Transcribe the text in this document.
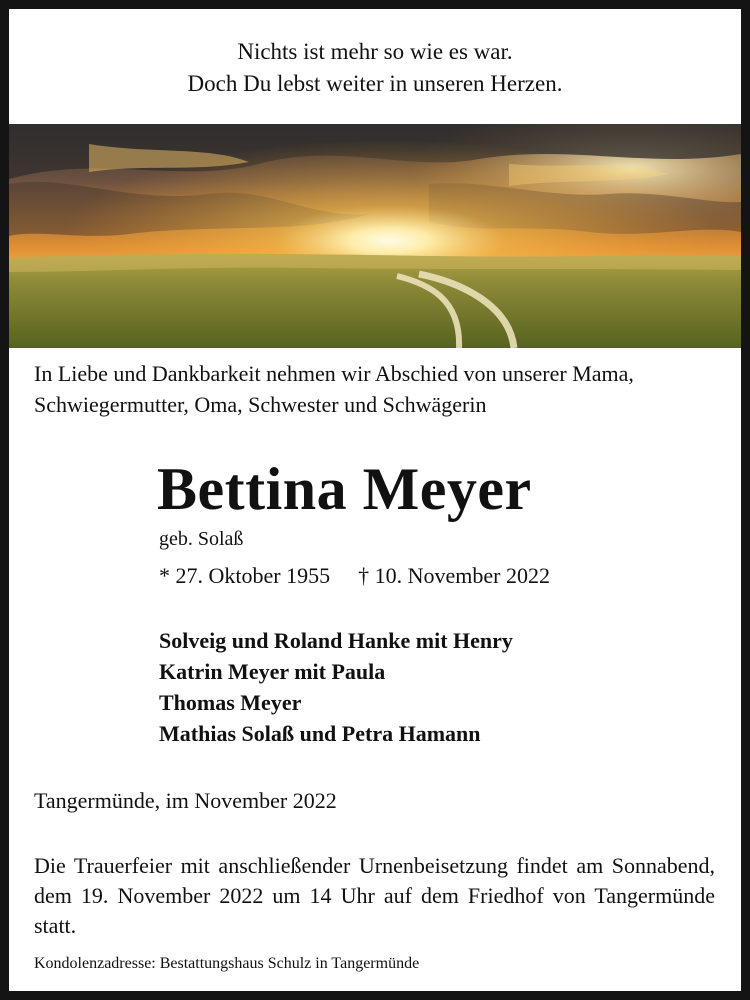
Nichts ist mehr so wie es war.
Doch Du lebst weiter in unseren Herzen.
In Liebe und Dankbarkeit nehmen wir Abschied von unserer Mama, Schwiegermutter, Oma, Schwester und Schwägerin
Bettina Meyer
geb. Solaß
* 27. Oktober 1955 † 10. November 2022
Solveig und Roland Hanke mit Henry
Katrin Meyer mit Paula
Thomas Meyer
Mathias Solaß und Petra Hamann
Tangermünde, im November 2022
Die Trauerfeier mit anschließender Urnenbeisetzung findet am Sonnabend, dem 19. November 2022 um 14 Uhr auf dem Friedhof von Tangermünde statt.
Kondolenzadresse: Bestattungshaus Schulz in Tangermünde
